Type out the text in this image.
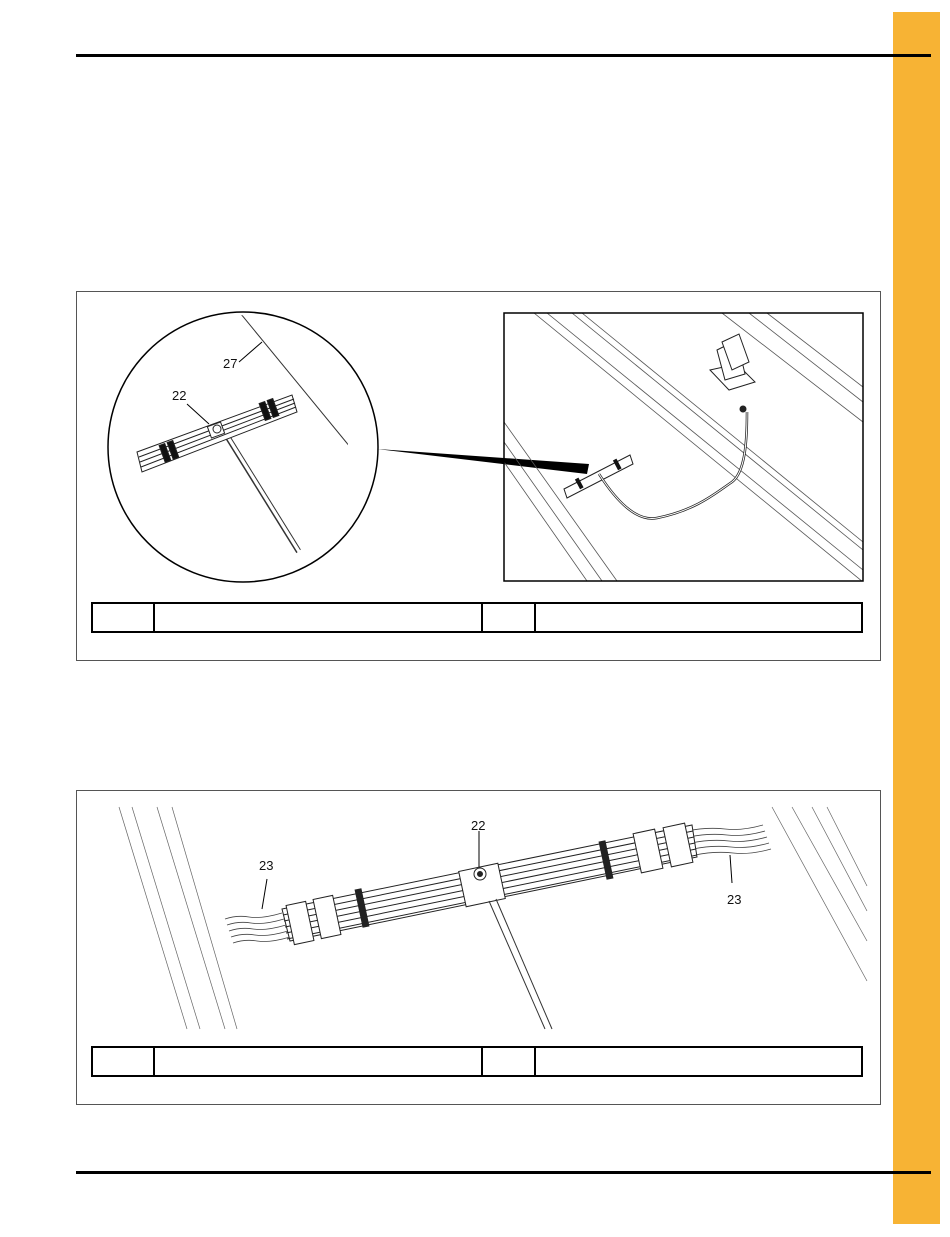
27
22
22
23
23
